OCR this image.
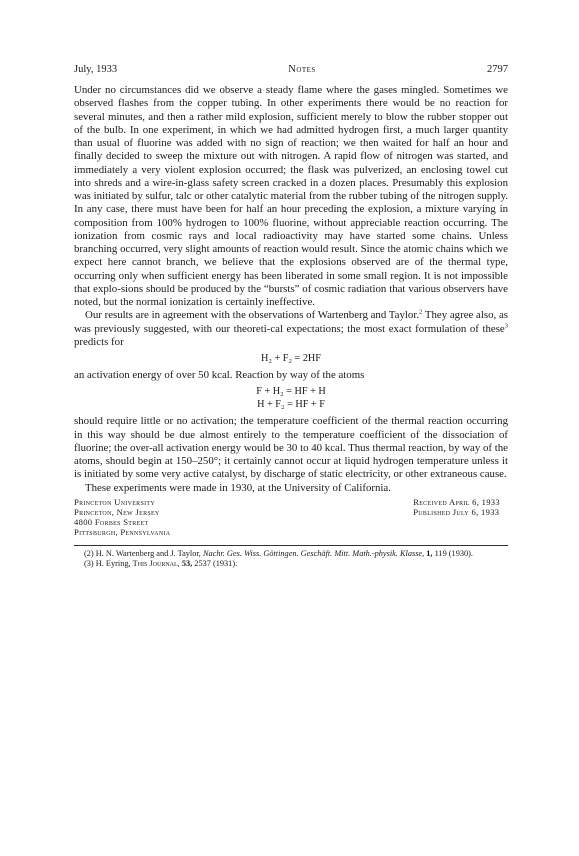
July, 1933	Notes	2797

Under no circumstances did we observe a steady flame where the gases mingled. Sometimes we observed flashes from the copper tubing. In other experiments there would be no reaction for several minutes, and then a rather mild explosion, sufficient merely to blow the rubber stopper out of the bulb. In one experiment, in which we had admitted hydrogen first, a much larger quantity than usual of fluorine was added with no sign of reaction; we then waited for half an hour and finally decided to sweep the mixture out with nitrogen. A rapid flow of nitrogen was started, and immediately a very violent explosion occurred; the flask was pulverized, an enclosing towel cut into shreds and a wire-in-glass safety screen cracked in a dozen places. Presumably this explosion was initiated by sulfur, talc or other catalytic material from the rubber tubing of the nitrogen supply. In any case, there must have been for half an hour preceding the explosion, a mixture varying in composition from 100% hydrogen to 100% fluorine, without appreciable reaction occurring. The ionization from cosmic rays and local radioactivity may have started some chains. Unless branching occurred, very slight amounts of reaction would result. Since the atomic chains which we expect here cannot branch, we believe that the explosions observed are of the thermal type, occurring only when sufficient energy has been liberated in some small region. It is not impossible that explo-sions should be produced by the “bursts” of cosmic radiation that various observers have noted, but the normal ionization is certainly ineffective.

Our results are in agreement with the observations of Wartenberg and Taylor.$^2$ They agree also, as was previously suggested, with our theoreti-cal expectations; the most exact formulation of these$^3$ predicts for

H₂ + F₂ = 2HF

an activation energy of over 50 kcal. Reaction by way of the atoms

F + H₂ = HF + H
H + F₂ = HF + F

should require little or no activation; the temperature coefficient of the thermal reaction occurring in this way should be due almost entirely to the temperature coefficient of the dissociation of fluorine; the over-all activation energy would be 30 to 40 kcal. Thus thermal reaction, by way of the atoms, should begin at 150–250°; it certainly cannot occur at liquid hydrogen temperature unless it is initiated by some very active catalyst, by discharge of static electricity, or other extraneous cause.

These experiments were made in 1930, at the University of California.

Princeton University
Princeton, New Jersey
4800 Forbes Street
Pittsburgh, Pennsylvania
Received April 6, 1933
Published July 6, 1933

(2) H. N. Wartenberg and J. Taylor, Nachr. Ges. Wiss. Göttingen. Geschäft. Mitt. Math.-physik. Klasse, 1, 119 (1930).

(3) H. Eyring, This Journal, 53, 2537 (1931).
